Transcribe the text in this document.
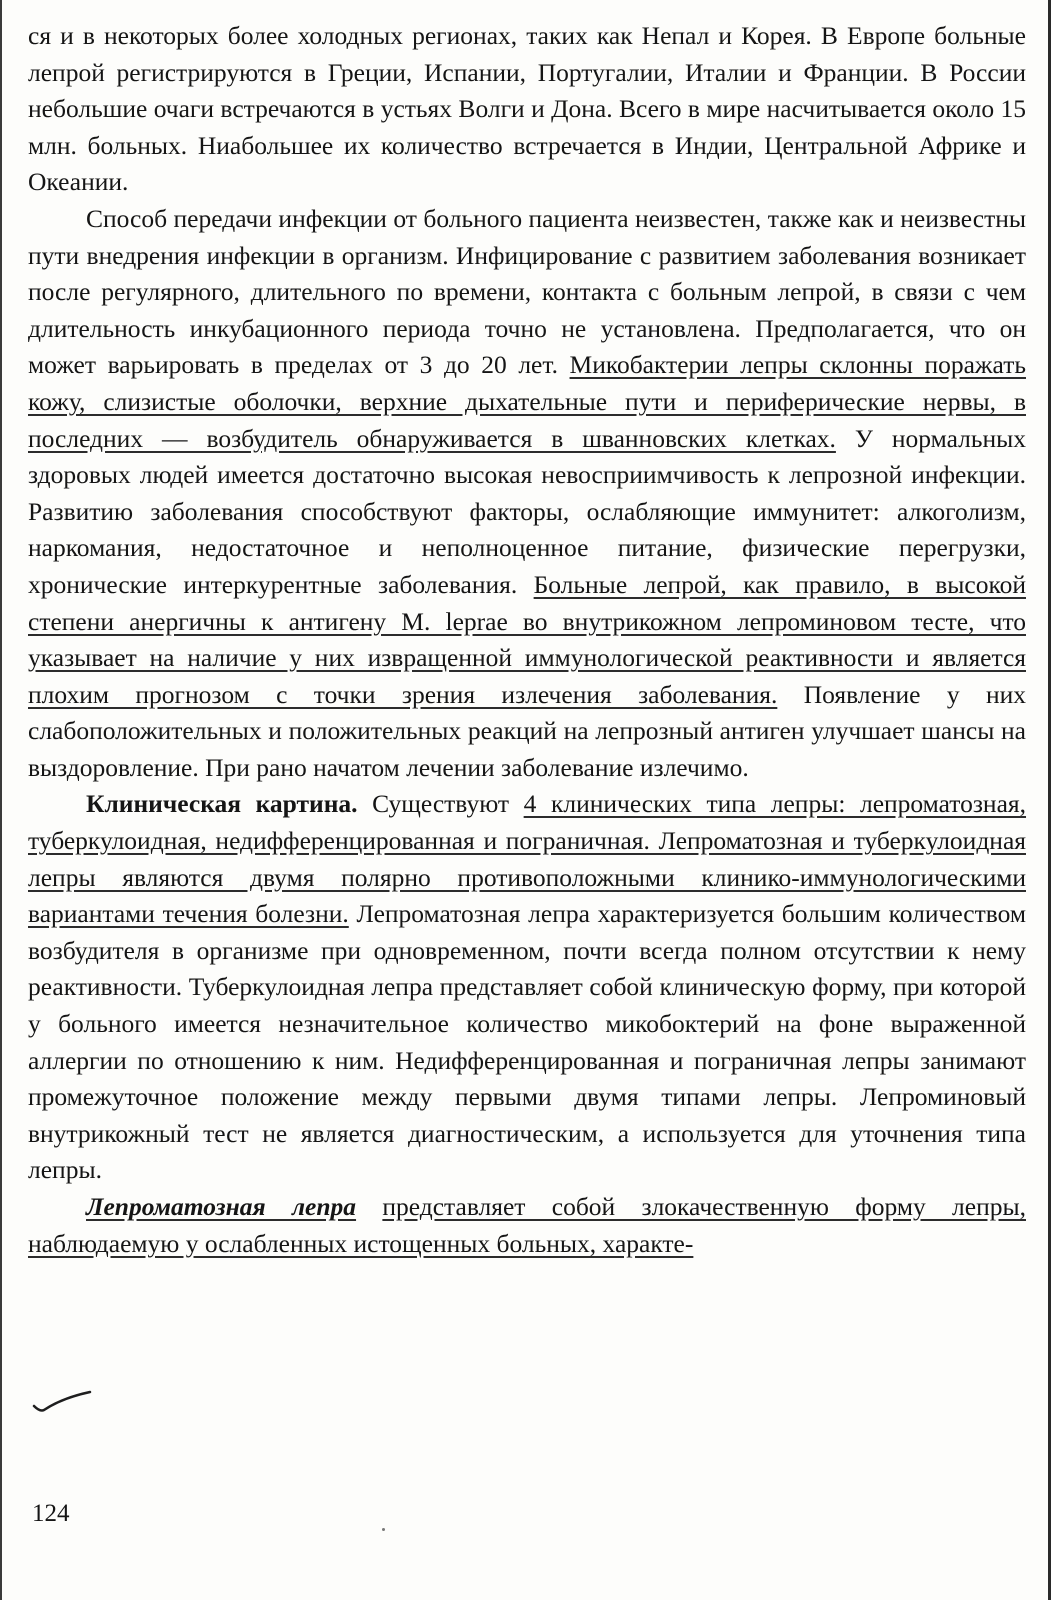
ся и в некоторых более холодных регионах, таких как Непал и Корея. В Европе больные лепрой регистрируются в Греции, Испании, Португалии, Италии и Франции. В России небольшие очаги встречаются в устьях Волги и Дона. Всего в мире насчитывается около 15 млн. больных. Ниабольшее их количество встречается в Индии, Центральной Африке и Океании.

Способ передачи инфекции от больного пациента неизвестен, также как и неизвестны пути внедрения инфекции в организм. Инфицирование с развитием заболевания возникает после регулярного, длительного по времени, контакта с больным лепрой, в связи с чем длительность инкубационного периода точно не установлена. Предполагается, что он может варьировать в пределах от 3 до 20 лет. Микобактерии лепры склонны поражать кожу, слизистые оболочки, верхние дыхательные пути и периферические нервы, в последних — возбудитель обнаруживается в шванновских клетках. У нормальных здоровых людей имеется достаточно высокая невосприимчивость к лепрозной инфекции. Развитию заболевания способствуют факторы, ослабляющие иммунитет: алкоголизм, наркомания, недостаточное и неполноценное питание, физические перегрузки, хронические интеркурентные заболевания. Больные лепрой, как правило, в высокой степени анергичны к антигену M. leprae во внутрикожном лепроминовом тесте, что указывает на наличие у них извращенной иммунологической реактивности и является плохим прогнозом с точки зрения излечения заболевания. Появление у них слабоположительных и положительных реакций на лепрозный антиген улучшает шансы на выздоровление. При рано начатом лечении заболевание излечимо.

Клиническая картина. Существуют 4 клинических типа лепры: лепроматозная, туберкулоидная, недифференцированная и пограничная. Лепроматозная и туберкулоидная лепры являются двумя полярно противоположными клинико-иммунологическими вариантами течения болезни. Лепроматозная лепра характеризуется большим количеством возбудителя в организме при одновременном, почти всегда полном отсутствии к нему реактивности. Туберкулоидная лепра представляет собой клиническую форму, при которой у больного имеется незначительное количество микобоктерий на фоне выраженной аллергии по отношению к ним. Недифференцированная и пограничная лепры занимают промежуточное положение между первыми двумя типами лепры. Лепроминовый внутрикожный тест не является диагностическим, а используется для уточнения типа лепры.

Лепроматозная лепра представляет собой злокачественную форму лепры, наблюдаемую у ослабленных истощенных больных, характе-

124
